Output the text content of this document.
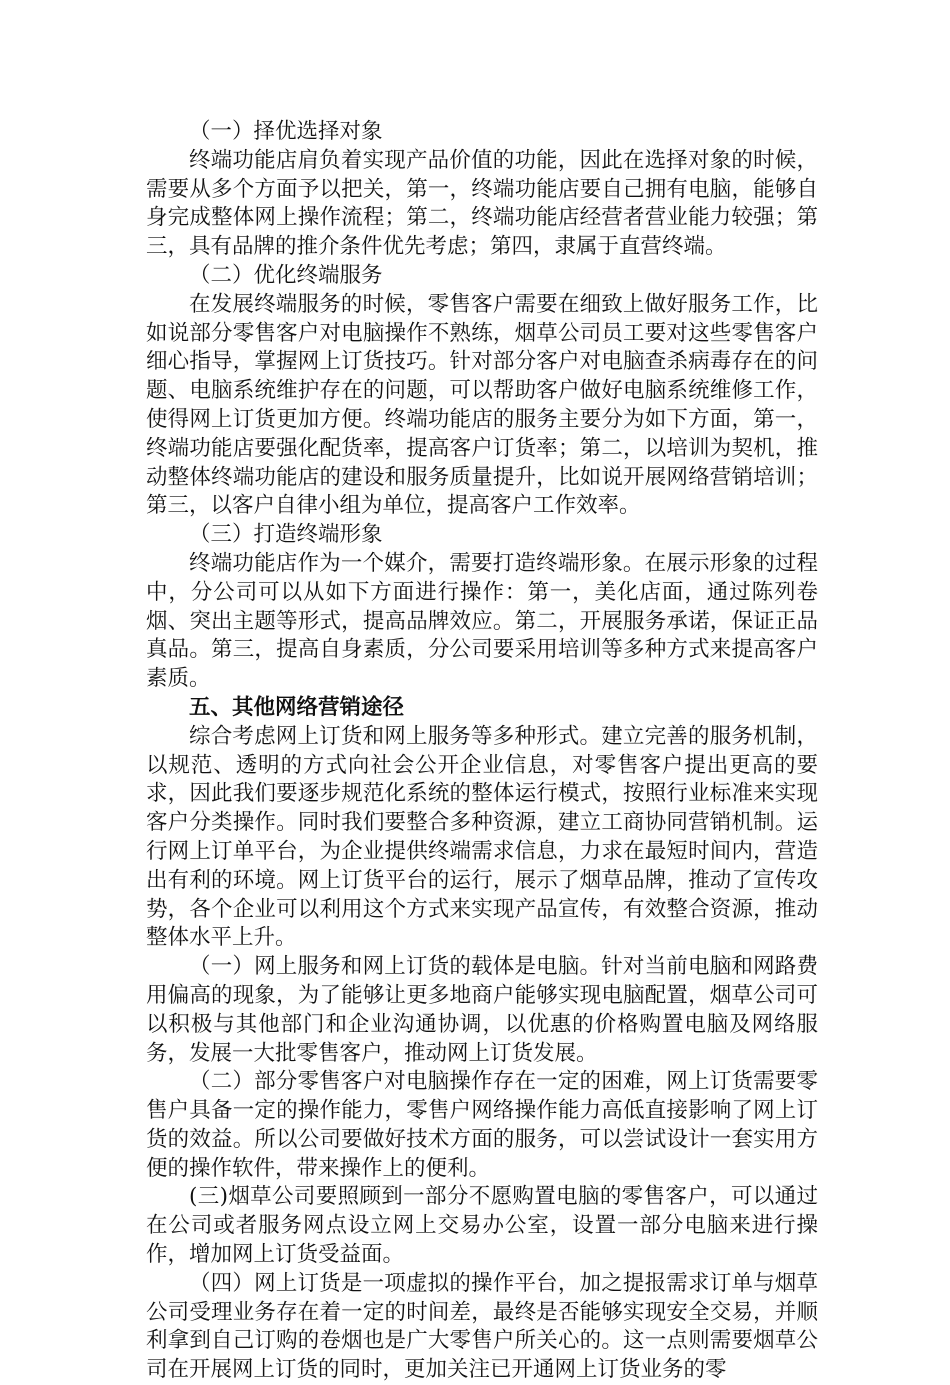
（一）择优选择对象

终端功能店肩负着实现产品价值的功能，因此在选择对象的时候，需要从多个方面予以把关，第一，终端功能店要自己拥有电脑，能够自身完成整体网上操作流程；第二，终端功能店经营者营业能力较强；第三，具有品牌的推介条件优先考虑；第四，隶属于直营终端。

（二）优化终端服务

在发展终端服务的时候，零售客户需要在细致上做好服务工作，比如说部分零售客户对电脑操作不熟练，烟草公司员工要对这些零售客户细心指导，掌握网上订货技巧。针对部分客户对电脑查杀病毒存在的问题、电脑系统维护存在的问题，可以帮助客户做好电脑系统维修工作，使得网上订货更加方便。终端功能店的服务主要分为如下方面，第一，终端功能店要强化配货率，提高客户订货率；第二，以培训为契机，推动整体终端功能店的建设和服务质量提升，比如说开展网络营销培训；第三，以客户自律小组为单位，提高客户工作效率。

（三）打造终端形象

终端功能店作为一个媒介，需要打造终端形象。在展示形象的过程中，分公司可以从如下方面进行操作：第一，美化店面，通过陈列卷烟、突出主题等形式，提高品牌效应。第二，开展服务承诺，保证正品真品。第三，提高自身素质，分公司要采用培训等多种方式来提高客户素质。

五、其他网络营销途径

综合考虑网上订货和网上服务等多种形式。建立完善的服务机制，以规范、透明的方式向社会公开企业信息，对零售客户提出更高的要求，因此我们要逐步规范化系统的整体运行模式，按照行业标准来实现客户分类操作。同时我们要整合多种资源，建立工商协同营销机制。运行网上订单平台，为企业提供终端需求信息，力求在最短时间内，营造出有利的环境。网上订货平台的运行，展示了烟草品牌，推动了宣传攻势，各个企业可以利用这个方式来实现产品宣传，有效整合资源，推动整体水平上升。

（一）网上服务和网上订货的载体是电脑。针对当前电脑和网路费用偏高的现象，为了能够让更多地商户能够实现电脑配置，烟草公司可以积极与其他部门和企业沟通协调，以优惠的价格购置电脑及网络服务，发展一大批零售客户，推动网上订货发展。

（二）部分零售客户对电脑操作存在一定的困难，网上订货需要零售户具备一定的操作能力，零售户网络操作能力高低直接影响了网上订货的效益。所以公司要做好技术方面的服务，可以尝试设计一套实用方便的操作软件，带来操作上的便利。

(三)烟草公司要照顾到一部分不愿购置电脑的零售客户，可以通过在公司或者服务网点设立网上交易办公室，设置一部分电脑来进行操作，增加网上订货受益面。

（四）网上订货是一项虚拟的操作平台，加之提报需求订单与烟草公司受理业务存在着一定的时间差，最终是否能够实现安全交易，并顺利拿到自己订购的卷烟也是广大零售户所关心的。这一点则需要烟草公司在开展网上订货的同时，更加关注已开通网上订货业务的零
